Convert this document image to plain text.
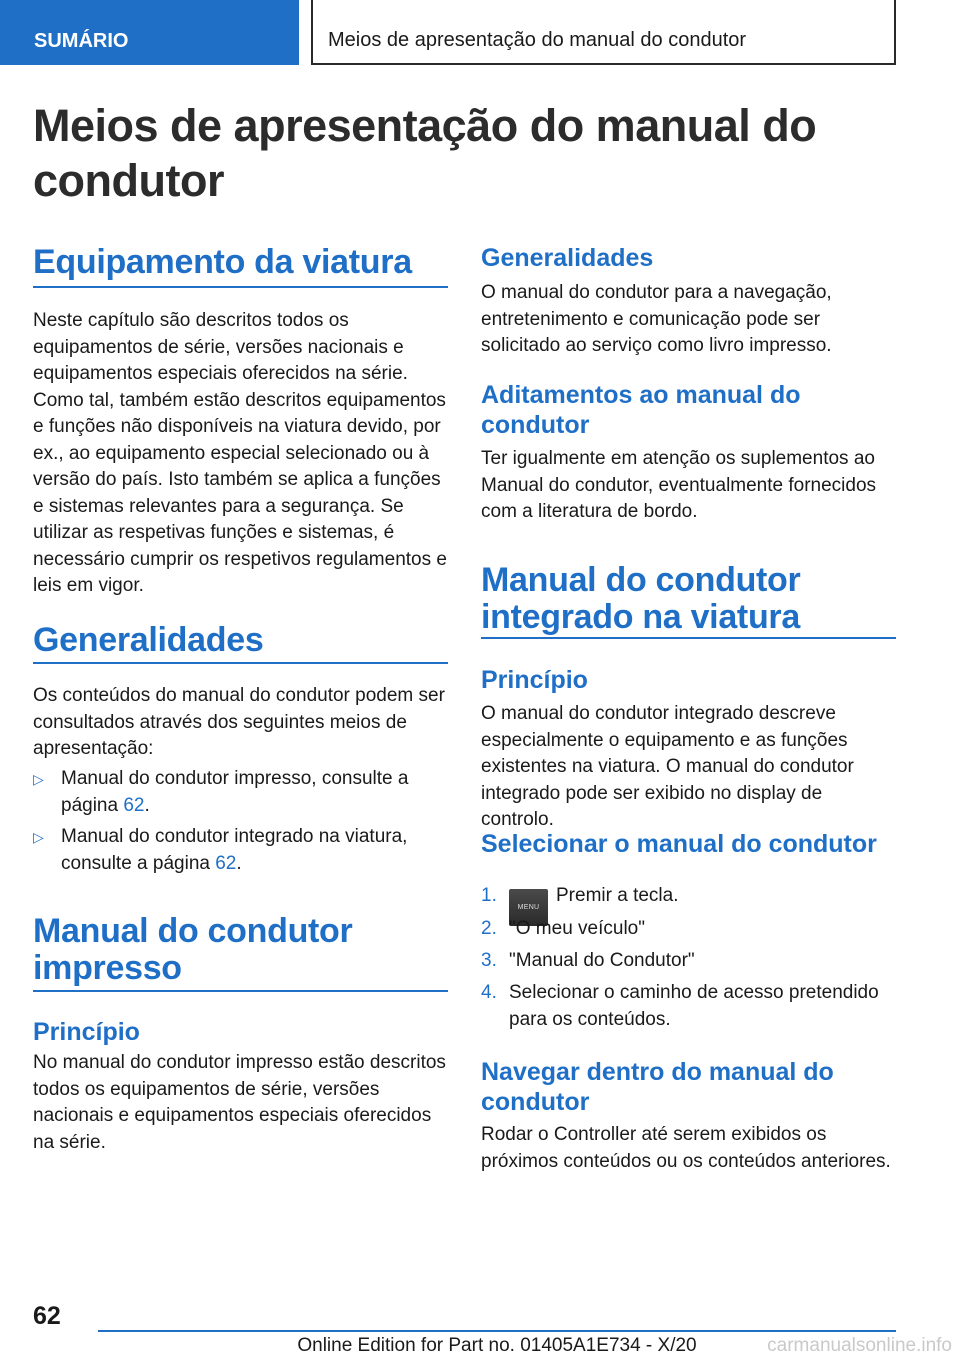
SUMÁRIO	Meios de apresentação do manual do condutor
Meios de apresentação do manual do condutor
Equipamento da viatura

Neste capítulo são descritos todos os equipamentos de série, versões nacionais e equipamentos especiais oferecidos na série. Como tal, também estão descritos equipamentos e funções não disponíveis na viatura devido, por ex., ao equipamento especial selecionado ou à versão do país. Isto também se aplica a funções e sistemas relevantes para a segurança. Se utilizar as respetivas funções e sistemas, é necessário cumprir os respetivos regulamentos e leis em vigor.

Generalidades

Os conteúdos do manual do condutor podem ser consultados através dos seguintes meios de apresentação:

▷ Manual do condutor impresso, consulte a página 62.
▷ Manual do condutor integrado na viatura, consulte a página 62.
Manual do condutor impresso
Princípio

No manual do condutor impresso estão descritos todos os equipamentos de série, versões nacionais e equipamentos especiais oferecidos na série.

Generalidades

O manual do condutor para a navegação, entretenimento e comunicação pode ser solicitado ao serviço como livro impresso.

Aditamentos ao manual do condutor

Ter igualmente em atenção os suplementos ao Manual do condutor, eventualmente fornecidos com a literatura de bordo.

Manual do condutor integrado na viatura
Princípio

O manual do condutor integrado descreve especialmente o equipamento e as funções existentes na viatura. O manual do condutor integrado pode ser exibido no display de controlo.

Selecionar o manual do condutor
1.
MENUPremir a tecla.
2. "O meu veículo"
3. "Manual do Condutor"
4. Selecionar o caminho de acesso pretendido para os conteúdos.
Navegar dentro do manual do condutor

Rodar o Controller até serem exibidos os próximos conteúdos ou os conteúdos anteriores.

62
Online Edition for Part no. 01405A1E734 - X/20	carmanualsonline.info
